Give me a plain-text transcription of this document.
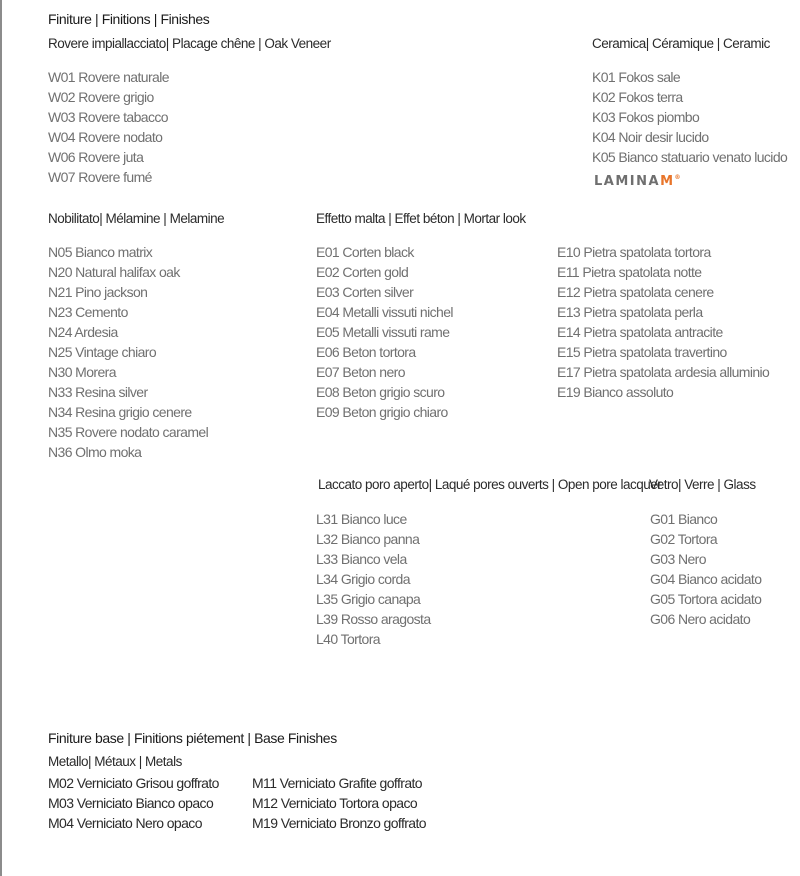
Finiture | Finitions | Finishes
Rovere impiallacciato| Placage chêne | Oak Veneer
W01 Rovere naturale
W02 Rovere grigio
W03 Rovere tabacco
W04 Rovere nodato
W06 Rovere juta
W07 Rovere fumé
Ceramica| Céramique | Ceramic
K01 Fokos sale
K02 Fokos terra
K03 Fokos piombo
K04 Noir desir lucido
K05 Bianco statuario venato lucido
LAMINAM®
Nobilitato| Mélamine | Melamine
N05 Bianco matrix
N20 Natural halifax oak
N21 Pino jackson
N23 Cemento
N24 Ardesia
N25 Vintage chiaro
N30 Morera
N33 Resina silver
N34 Resina grigio cenere
N35 Rovere nodato caramel
N36 Olmo moka
Effetto malta | Effet béton | Mortar look
E01 Corten black
E02 Corten gold
E03 Corten silver
E04 Metalli vissuti nichel
E05 Metalli vissuti rame
E06 Beton tortora
E07 Beton nero
E08 Beton grigio scuro
E09 Beton grigio chiaro
E10 Pietra spatolata tortora
E11 Pietra spatolata notte
E12 Pietra spatolata cenere
E13 Pietra spatolata perla
E14 Pietra spatolata antracite
E15 Pietra spatolata travertino
E17 Pietra spatolata ardesia alluminio
E19 Bianco assoluto
Laccato poro aperto| Laqué pores ouverts | Open pore lacquer
L31 Bianco luce
L32 Bianco panna
L33 Bianco vela
L34 Grigio corda
L35 Grigio canapa
L39 Rosso aragosta
L40 Tortora
Vetro| Verre | Glass
G01 Bianco
G02 Tortora
G03 Nero
G04 Bianco acidato
G05 Tortora acidato
G06 Nero acidato
Finiture base | Finitions piétement | Base Finishes
Metallo| Métaux | Metals
M02 Verniciato Grisou goffrato
M03 Verniciato Bianco opaco
M04 Verniciato Nero opaco
M11 Verniciato Grafite goffrato
M12 Verniciato Tortora opaco
M19 Verniciato Bronzo goffrato
